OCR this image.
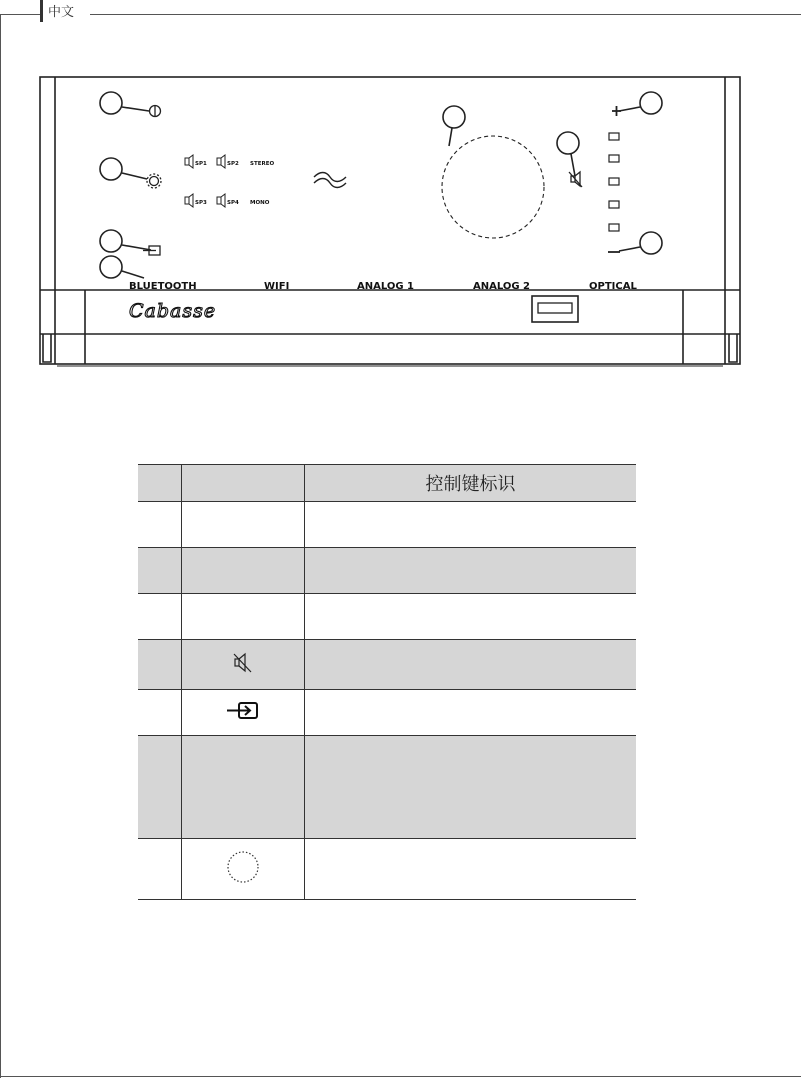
中文
BLUETOOTH	WIFI	ANALOG 1	ANALOG 2	OPTICAL
SP1	SP2
SP3	SP4
STEREO
MONO
Cabasse
		控制键标识
